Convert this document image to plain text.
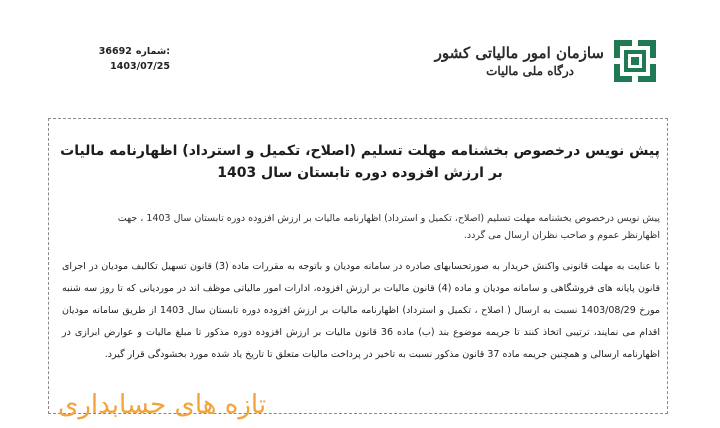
36692 شماره:
1403/07/25
سازمان امور مالیاتی کشور
درگاه ملی مالیات
پیش نویس درخصوص بخشنامه مهلت تسلیم (اصلاح، تکمیل و استرداد) اظهارنامه مالیات بر ارزش افزوده دوره تابستان سال 1403
پیش نویس درخصوص بخشنامه مهلت تسلیم (اصلاح، تکمیل و استرداد) اظهارنامه مالیات بر ارزش افزوده دوره تابستان سال 1403 ، جهت اظهارنظر عموم و صاحب نظران ارسال می گردد.
با عنایت به مهلت قانونی واکنش خریدار به صورتحسابهای صادره در سامانه مودیان و باتوجه به مقررات ماده (3) قانون تسهیل تکالیف مودیان در اجرای قانون پایانه های فروشگاهی و سامانه مودیان و ماده (4) قانون مالیات بر ارزش افزوده، ادارات امور مالیاتی موظف اند در موردیانی که تا روز سه شنبه مورخ 1403/08/29 نسبت به ارسال ( اصلاح ، تکمیل و استرداد) اظهارنامه مالیات بر ارزش افزوده دوره تابستان سال 1403 از طریق سامانه مودیان اقدام می نمایند، ترتیبی اتخاذ کنند تا جریمه موضوع بند (ب) ماده 36 قانون مالیات بر ارزش افزوده دوره مذکور تا مبلغ مالیات و عوارض ابرازی در اظهارنامه ارسالی و همچنین جریمه ماده 37 قانون مذکور نسبت به تاخیر در پرداخت مالیات متعلق تا تاریخ یاد شده مورد بخشودگی قرار گیرد.
تازه های حسابداری
